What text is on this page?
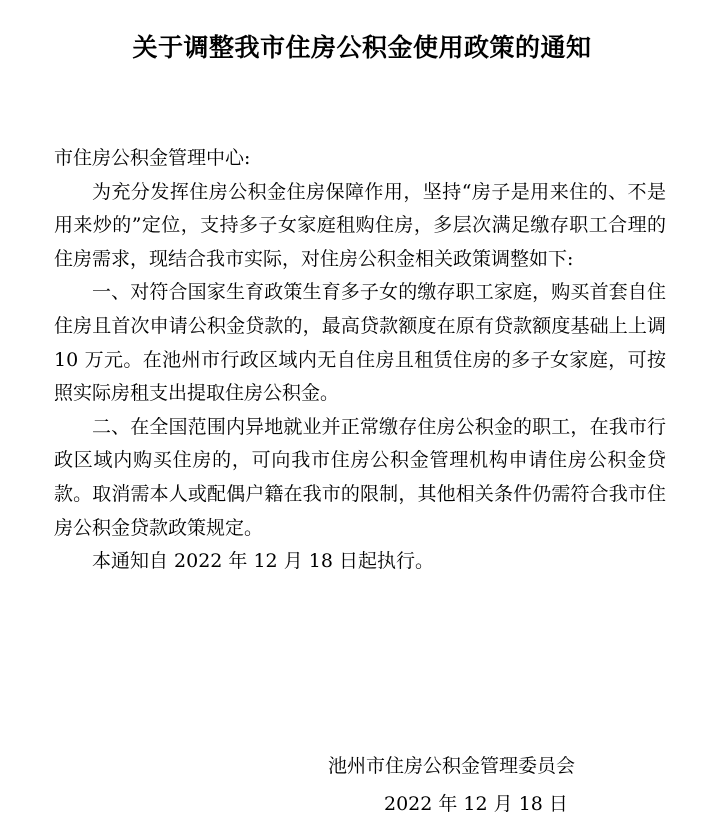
关于调整我市住房公积金使用政策的通知

市住房公积金管理中心:

为充分发挥住房公积金住房保障作用，坚持“房子是用来住的、不是用来炒的”定位，支持多子女家庭租购住房，多层次满足缴存职工合理的住房需求，现结合我市实际，对住房公积金相关政策调整如下:

一、对符合国家生育政策生育多子女的缴存职工家庭，购买首套自住住房且首次申请公积金贷款的，最高贷款额度在原有贷款额度基础上上调 10 万元。在池州市行政区域内无自住房且租赁住房的多子女家庭，可按照实际房租支出提取住房公积金。

二、在全国范围内异地就业并正常缴存住房公积金的职工，在我市行政区域内购买住房的，可向我市住房公积金管理机构申请住房公积金贷款。取消需本人或配偶户籍在我市的限制，其他相关条件仍需符合我市住房公积金贷款政策规定。

本通知自 2022 年 12 月 18 日起执行。

池州市住房公积金管理委员会
2022 年 12 月 18 日
